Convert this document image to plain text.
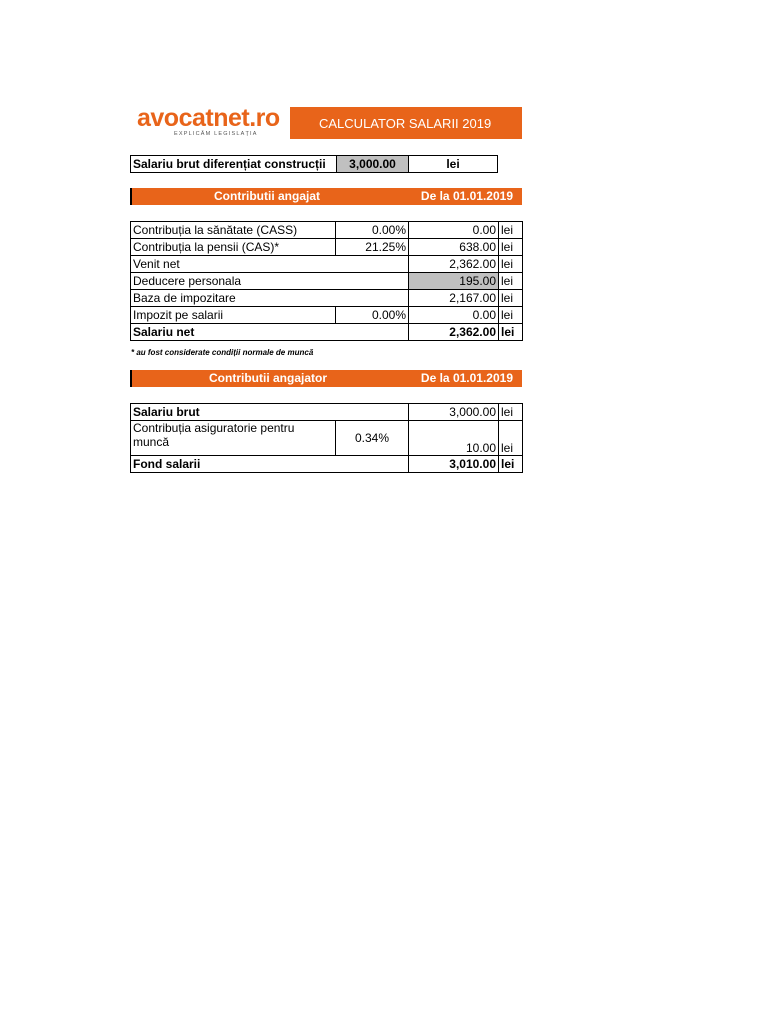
avocatnet.ro
EXPLICĂM LEGISLAȚIA
CALCULATOR SALARII 2019
Salariu brut diferențiat construcții	3,000.00	lei
Contributii angajat	De la 01.01.2019
Contribuția la sănătate (CASS)	0.00%	0.00	lei
Contribuția la pensii (CAS)*	21.25%	638.00	lei
Venit net		2,362.00	lei
Deducere personala		195.00	lei
Baza de impozitare		2,167.00	lei
Impozit pe salarii	0.00%	0.00	lei
Salariu net		2,362.00	lei
* au fost considerate condiții normale de muncă
Contributii angajator	De la 01.01.2019
Salariu brut		3,000.00	lei
Contribuția asiguratorie pentru muncă	0.34%	10.00	lei
Fond salarii		3,010.00	lei
